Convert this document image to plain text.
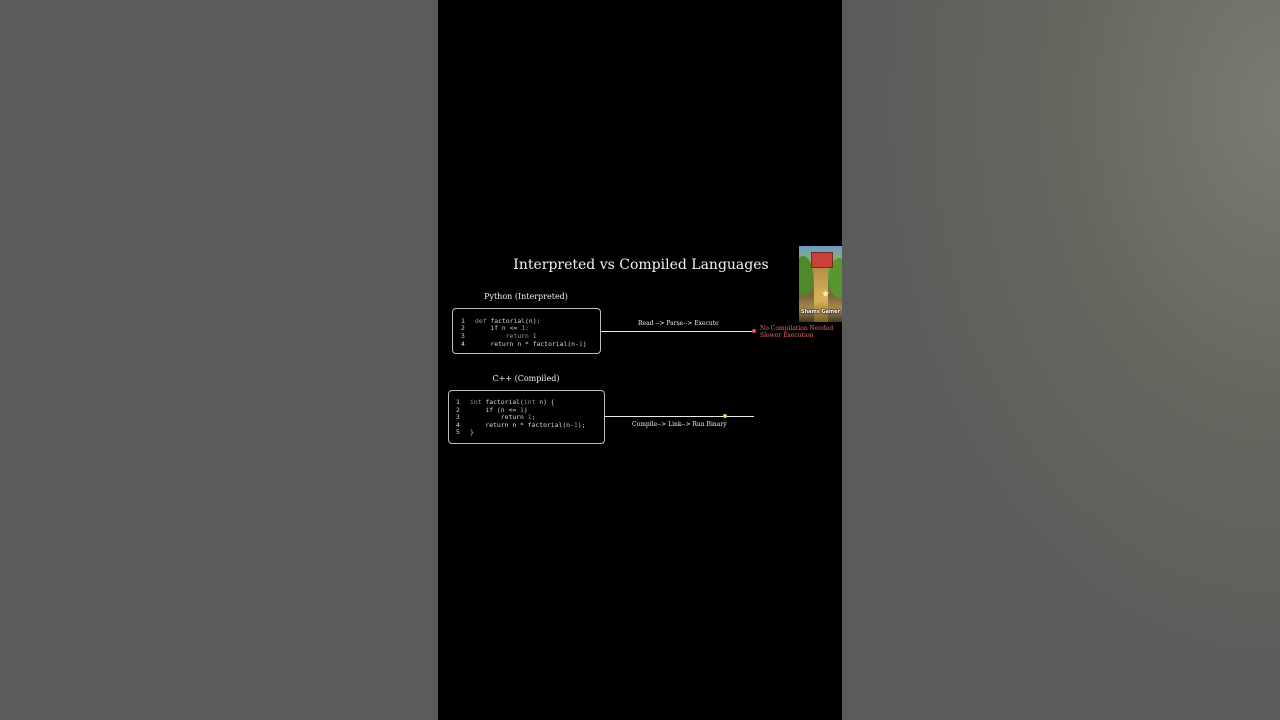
Interpreted vs Compiled Languages
Python (Interpreted)
1 def factorial(n):
2    if n <= 1:
3        return 1
4    return n * factorial(n-1)
Read --> Parse--> Execute
No Compilation Needed
Slower Execution
C++ (Compiled)
1 int factorial(int n) {
2    if (n <= 1)
3        return 1;
4    return n * factorial(n-1);
5 }
Compile--> Link--> Run Binary
★
Shams Gamer
